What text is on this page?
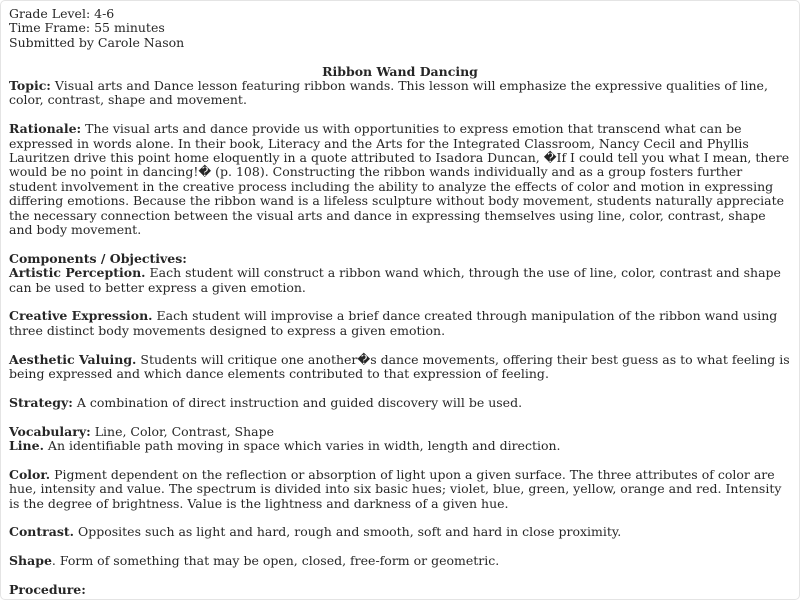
Grade Level: 4-6

Time Frame: 55 minutes

Submitted by Carole Nason

Ribbon Wand Dancing

Topic: Visual arts and Dance lesson featuring ribbon wands. This lesson will emphasize the expressive qualities of line, color, contrast, shape and movement.

Rationale: The visual arts and dance provide us with opportunities to express emotion that transcend what can be expressed in words alone. In their book, Literacy and the Arts for the Integrated Classroom, Nancy Cecil and Phyllis Lauritzen drive this point home eloquently in a quote attributed to Isadora Duncan, �If I could tell you what I mean, there would be no point in dancing!� (p. 108). Constructing the ribbon wands individually and as a group fosters further student involvement in the creative process including the ability to analyze the effects of color and motion in expressing differing emotions. Because the ribbon wand is a lifeless sculpture without body movement, students naturally appreciate the necessary connection between the visual arts and dance in expressing themselves using line, color, contrast, shape and body movement.

Components / Objectives:

Artistic Perception. Each student will construct a ribbon wand which, through the use of line, color, contrast and shape can be used to better express a given emotion.

Creative Expression. Each student will improvise a brief dance created through manipulation of the ribbon wand using three distinct body movements designed to express a given emotion.

Aesthetic Valuing. Students will critique one another�s dance movements, offering their best guess as to what feeling is being expressed and which dance elements contributed to that expression of feeling.

Strategy: A combination of direct instruction and guided discovery will be used.

Vocabulary: Line, Color, Contrast, Shape

Line. An identifiable path moving in space which varies in width, length and direction.

Color. Pigment dependent on the reflection or absorption of light upon a given surface. The three attributes of color are hue, intensity and value. The spectrum is divided into six basic hues; violet, blue, green, yellow, orange and red. Intensity is the degree of brightness. Value is the lightness and darkness of a given hue.

Contrast. Opposites such as light and hard, rough and smooth, soft and hard in close proximity.

Shape. Form of something that may be open, closed, free-form or geometric.

Procedure:
